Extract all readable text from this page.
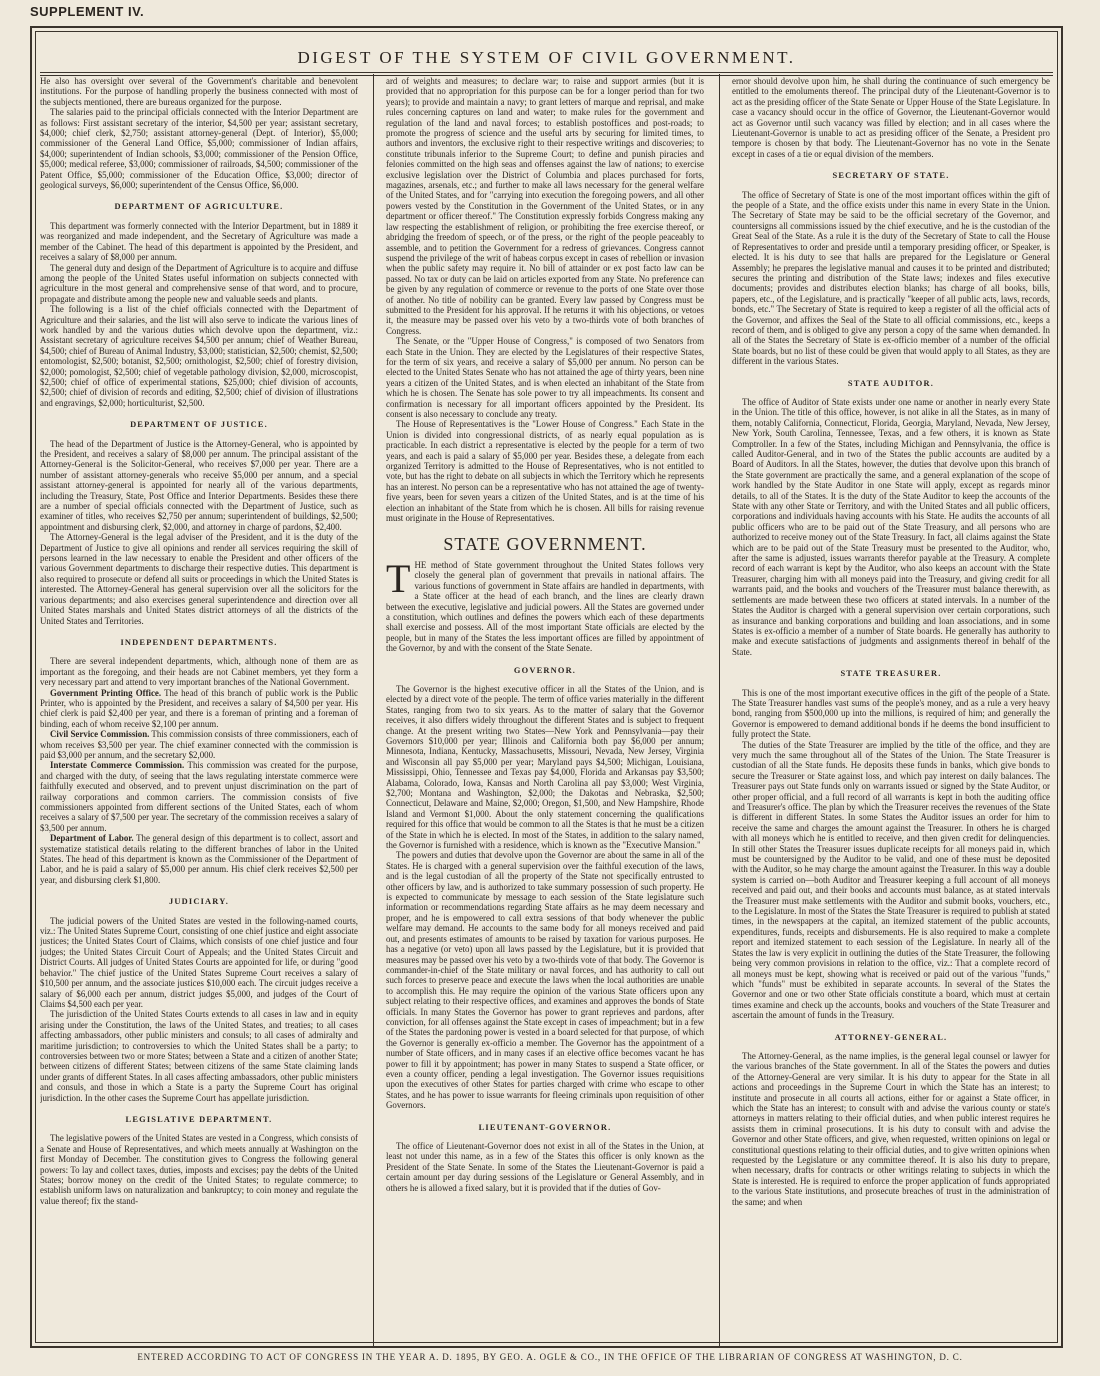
SUPPLEMENT IV.
DIGEST OF THE SYSTEM OF CIVIL GOVERNMENT.

He also has oversight over several of the Government's charitable and benevolent institutions. For the purpose of handling properly the business connected with most of the subjects mentioned, there are bureaus organized for the purpose.

The salaries paid to the principal officials connected with the Interior Department are as follows: First assistant secretary of the interior, $4,500 per year; assistant secretary, $4,000; chief clerk, $2,750; assistant attorney-general (Dept. of Interior), $5,000; commissioner of the General Land Office, $5,000; commissioner of Indian affairs, $4,000; superintendent of Indian schools, $3,000; commissioner of the Pension Office, $5,000; medical referee, $3,000; commissioner of railroads, $4,500; commissioner of the Patent Office, $5,000; commissioner of the Education Office, $3,000; director of geological surveys, $6,000; superintendent of the Census Office, $6,000.

DEPARTMENT OF AGRICULTURE.

This department was formerly connected with the Interior Department, but in 1889 it was reorganized and made independent, and the Secretary of Agriculture was made a member of the Cabinet. The head of this department is appointed by the President, and receives a salary of $8,000 per annum.

The general duty and design of the Department of Agriculture is to acquire and diffuse among the people of the United States useful information on subjects connected with agriculture in the most general and comprehensive sense of that word, and to procure, propagate and distribute among the people new and valuable seeds and plants.

The following is a list of the chief officials connected with the Department of Agriculture and their salaries, and the list will also serve to indicate the various lines of work handled by and the various duties which devolve upon the department, viz.: Assistant secretary of agriculture receives $4,500 per annum; chief of Weather Bureau, $4,500; chief of Bureau of Animal Industry, $3,000; statistician, $2,500; chemist, $2,500; entomologist, $2,500; botanist, $2,500; ornithologist, $2,500; chief of forestry division, $2,000; pomologist, $2,500; chief of vegetable pathology division, $2,000, microscopist, $2,500; chief of office of experimental stations, $25,000; chief division of accounts, $2,500; chief of division of records and editing, $2,500; chief of division of illustrations and engravings, $2,000; horticulturist, $2,500.

DEPARTMENT OF JUSTICE.

The head of the Department of Justice is the Attorney-General, who is appointed by the President, and receives a salary of $8,000 per annum. The principal assistant of the Attorney-General is the Solicitor-General, who receives $7,000 per year. There are a number of assistant attorney-generals who receive $5,000 per annum, and a special assistant attorney-general is appointed for nearly all of the various departments, including the Treasury, State, Post Office and Interior Departments. Besides these there are a number of special officials connected with the Department of Justice, such as examiner of titles, who receives $2,750 per annum; superintendent of buildings, $2,500; appointment and disbursing clerk, $2,000, and attorney in charge of pardons, $2,400.

The Attorney-General is the legal adviser of the President, and it is the duty of the Department of Justice to give all opinions and render all services requiring the skill of persons learned in the law necessary to enable the President and other officers of the various Government departments to discharge their respective duties. This department is also required to prosecute or defend all suits or proceedings in which the United States is interested. The Attorney-General has general supervision over all the solicitors for the various departments; and also exercises general superintendence and direction over all United States marshals and United States district attorneys of all the districts of the United States and Territories.

INDEPENDENT DEPARTMENTS.

There are several independent departments, which, although none of them are as important as the foregoing, and their heads are not Cabinet members, yet they form a very necessary part and attend to very important branches of the National Government.

Government Printing Office. The head of this branch of public work is the Public Printer, who is appointed by the President, and receives a salary of $4,500 per year. His chief clerk is paid $2,400 per year, and there is a foreman of printing and a foreman of binding, each of whom receive $2,100 per annum.

Civil Service Commission. This commission consists of three commissioners, each of whom receives $3,500 per year. The chief examiner connected with the commission is paid $3,000 per annum, and the secretary $2,000.

Interstate Commerce Commission. This commission was created for the purpose, and charged with the duty, of seeing that the laws regulating interstate commerce were faithfully executed and observed, and to prevent unjust discrimination on the part of railway corporations and common carriers. The commission consists of five commissioners appointed from different sections of the United States, each of whom receives a salary of $7,500 per year. The secretary of the commission receives a salary of $3,500 per annum.

Department of Labor. The general design of this department is to collect, assort and systematize statistical details relating to the different branches of labor in the United States. The head of this department is known as the Commissioner of the Department of Labor, and he is paid a salary of $5,000 per annum. His chief clerk receives $2,500 per year, and disbursing clerk $1,800.

JUDICIARY.

The judicial powers of the United States are vested in the following-named courts, viz.: The United States Supreme Court, consisting of one chief justice and eight associate justices; the United States Court of Claims, which consists of one chief justice and four judges; the United States Circuit Court of Appeals; and the United States Circuit and District Courts. All judges of United States Courts are appointed for life, or during "good behavior." The chief justice of the United States Supreme Court receives a salary of $10,500 per annum, and the associate justices $10,000 each. The circuit judges receive a salary of $6,000 each per annum, district judges $5,000, and judges of the Court of Claims $4,500 each per year.

The jurisdiction of the United States Courts extends to all cases in law and in equity arising under the Constitution, the laws of the United States, and treaties; to all cases affecting ambassadors, other public ministers and consuls; to all cases of admiralty and maritime jurisdiction; to controversies to which the United States shall be a party; to controversies between two or more States; between a State and a citizen of another State; between citizens of different States; between citizens of the same State claiming lands under grants of different States. In all cases affecting ambassadors, other public ministers and consuls, and those in which a State is a party the Supreme Court has original jurisdiction. In the other cases the Supreme Court has appellate jurisdiction.

LEGISLATIVE DEPARTMENT.

The legislative powers of the United States are vested in a Congress, which consists of a Senate and House of Representatives, and which meets annually at Washington on the first Monday of December. The constitution gives to Congress the following general powers: To lay and collect taxes, duties, imposts and excises; pay the debts of the United States; borrow money on the credit of the United States; to regulate commerce; to establish uniform laws on naturalization and bankruptcy; to coin money and regulate the value thereof; fix the stand-

ard of weights and measures; to declare war; to raise and support armies (but it is provided that no appropriation for this purpose can be for a longer period than for two years); to provide and maintain a navy; to grant letters of marque and reprisal, and make rules concerning captures on land and water; to make rules for the government and regulation of the land and naval forces; to establish postoffices and post-roads; to promote the progress of science and the useful arts by securing for limited times, to authors and inventors, the exclusive right to their respective writings and discoveries; to constitute tribunals inferior to the Supreme Court; to define and punish piracies and felonies committed on the high seas and offenses against the law of nations; to exercise exclusive legislation over the District of Columbia and places purchased for forts, magazines, arsenals, etc.; and further to make all laws necessary for the general welfare of the United States, and for "carrying into execution the foregoing powers, and all other powers vested by the Constitution in the Government of the United States, or in any department or officer thereof." The Constitution expressly forbids Congress making any law respecting the establishment of religion, or prohibiting the free exercise thereof, or abridging the freedom of speech, or of the press, or the right of the people peaceably to assemble, and to petition the Government for a redress of grievances. Congress cannot suspend the privilege of the writ of habeas corpus except in cases of rebellion or invasion when the public safety may require it. No bill of attainder or ex post facto law can be passed. No tax or duty can be laid on articles exported from any State. No preference can be given by any regulation of commerce or revenue to the ports of one State over those of another. No title of nobility can be granted. Every law passed by Congress must be submitted to the President for his approval. If he returns it with his objections, or vetoes it, the measure may be passed over his veto by a two-thirds vote of both branches of Congress.

The Senate, or the "Upper House of Congress," is composed of two Senators from each State in the Union. They are elected by the Legislatures of their respective States, for the term of six years, and receive a salary of $5,000 per annum. No person can be elected to the United States Senate who has not attained the age of thirty years, been nine years a citizen of the United States, and is when elected an inhabitant of the State from which he is chosen. The Senate has sole power to try all impeachments. Its consent and confirmation is necessary for all important officers appointed by the President. Its consent is also necessary to conclude any treaty.

The House of Representatives is the "Lower House of Congress." Each State in the Union is divided into congressional districts, of as nearly equal population as is practicable. In each district a representative is elected by the people for a term of two years, and each is paid a salary of $5,000 per year. Besides these, a delegate from each organized Territory is admitted to the House of Representatives, who is not entitled to vote, but has the right to debate on all subjects in which the Territory which he represents has an interest. No person can be a representative who has not attained the age of twenty-five years, been for seven years a citizen of the United States, and is at the time of his election an inhabitant of the State from which he is chosen. All bills for raising revenue must originate in the House of Representatives.

STATE GOVERNMENT.

THE method of State government throughout the United States follows very closely the general plan of government that prevails in national affairs. The various functions of government in State affairs are handled in departments, with a State officer at the head of each branch, and the lines are clearly drawn between the executive, legislative and judicial powers. All the States are governed under a constitution, which outlines and defines the powers which each of these departments shall exercise and possess. All of the most important State officials are elected by the people, but in many of the States the less important offices are filled by appointment of the Governor, by and with the consent of the State Senate.

GOVERNOR.

The Governor is the highest executive officer in all the States of the Union, and is elected by a direct vote of the people. The term of office varies materially in the different States, ranging from two to six years. As to the matter of salary that the Governor receives, it also differs widely throughout the different States and is subject to frequent change. At the present writing two States—New York and Pennsylvania—pay their Governors $10,000 per year; Illinois and California both pay $6,000 per annum; Minnesota, Indiana, Kentucky, Massachusetts, Missouri, Nevada, New Jersey, Virginia and Wisconsin all pay $5,000 per year; Maryland pays $4,500; Michigan, Louisiana, Mississippi, Ohio, Tennessee and Texas pay $4,000, Florida and Arkansas pay $3,500; Alabama, Colorado, Iowa, Kansas and North Carolina all pay $3,000; West Virginia, $2,700; Montana and Washington, $2,000; the Dakotas and Nebraska, $2,500; Connecticut, Delaware and Maine, $2,000; Oregon, $1,500, and New Hampshire, Rhode Island and Vermont $1,000. About the only statement concerning the qualifications required for this office that would be common to all the States is that he must be a citizen of the State in which he is elected. In most of the States, in addition to the salary named, the Governor is furnished with a residence, which is known as the "Executive Mansion."

The powers and duties that devolve upon the Governor are about the same in all of the States. He is charged with a general supervision over the faithful execution of the laws, and is the legal custodian of all the property of the State not specifically entrusted to other officers by law, and is authorized to take summary possession of such property. He is expected to communicate by message to each session of the State legislature such information or recommendations regarding State affairs as he may deem necessary and proper, and he is empowered to call extra sessions of that body whenever the public welfare may demand. He accounts to the same body for all moneys received and paid out, and presents estimates of amounts to be raised by taxation for various purposes. He has a negative (or veto) upon all laws passed by the Legislature, but it is provided that measures may be passed over his veto by a two-thirds vote of that body. The Governor is commander-in-chief of the State military or naval forces, and has authority to call out such forces to preserve peace and execute the laws when the local authorities are unable to accomplish this. He may require the opinion of the various State officers upon any subject relating to their respective offices, and examines and approves the bonds of State officials. In many States the Governor has power to grant reprieves and pardons, after conviction, for all offenses against the State except in cases of impeachment; but in a few of the States the pardoning power is vested in a board selected for that purpose, of which the Governor is generally ex-officio a member. The Governor has the appointment of a number of State officers, and in many cases if an elective office becomes vacant he has power to fill it by appointment; has power in many States to suspend a State officer, or even a county officer, pending a legal investigation. The Governor issues requisitions upon the executives of other States for parties charged with crime who escape to other States, and he has power to issue warrants for fleeing criminals upon requisition of other Governors.

LIEUTENANT-GOVERNOR.

The office of Lieutenant-Governor does not exist in all of the States in the Union, at least not under this name, as in a few of the States this officer is only known as the President of the State Senate. In some of the States the Lieutenant-Governor is paid a certain amount per day during sessions of the Legislature or General Assembly, and in others he is allowed a fixed salary, but it is provided that if the duties of Gov-

ernor should devolve upon him, he shall during the continuance of such emergency be entitled to the emoluments thereof. The principal duty of the Lieutenant-Governor is to act as the presiding officer of the State Senate or Upper House of the State Legislature. In case a vacancy should occur in the office of Governor, the Lieutenant-Governor would act as Governor until such vacancy was filled by election; and in all cases where the Lieutenant-Governor is unable to act as presiding officer of the Senate, a President pro tempore is chosen by that body. The Lieutenant-Governor has no vote in the Senate except in cases of a tie or equal division of the members.

SECRETARY OF STATE.

The office of Secretary of State is one of the most important offices within the gift of the people of a State, and the office exists under this name in every State in the Union. The Secretary of State may be said to be the official secretary of the Governor, and countersigns all commissions issued by the chief executive, and he is the custodian of the Great Seal of the State. As a rule it is the duty of the Secretary of State to call the House of Representatives to order and preside until a temporary presiding officer, or Speaker, is elected. It is his duty to see that halls are prepared for the Legislature or General Assembly; he prepares the legislative manual and causes it to be printed and distributed; secures the printing and distribution of the State laws; indexes and files executive documents; provides and distributes election blanks; has charge of all books, bills, papers, etc., of the Legislature, and is practically "keeper of all public acts, laws, records, bonds, etc." The Secretary of State is required to keep a register of all the official acts of the Governor, and affixes the Seal of the State to all official commissions, etc., keeps a record of them, and is obliged to give any person a copy of the same when demanded. In all of the States the Secretary of State is ex-officio member of a number of the official State boards, but no list of these could be given that would apply to all States, as they are different in the various States.

STATE AUDITOR.

The office of Auditor of State exists under one name or another in nearly every State in the Union. The title of this office, however, is not alike in all the States, as in many of them, notably California, Connecticut, Florida, Georgia, Maryland, Nevada, New Jersey, New York, South Carolina, Tennessee, Texas, and a few others, it is known as State Comptroller. In a few of the States, including Michigan and Pennsylvania, the office is called Auditor-General, and in two of the States the public accounts are audited by a Board of Auditors. In all the States, however, the duties that devolve upon this branch of the State government are practically the same, and a general explanation of the scope of work handled by the State Auditor in one State will apply, except as regards minor details, to all of the States. It is the duty of the State Auditor to keep the accounts of the State with any other State or Territory, and with the United States and all public officers, corporations and individuals having accounts with his State. He audits the accounts of all public officers who are to be paid out of the State Treasury, and all persons who are authorized to receive money out of the State Treasury. In fact, all claims against the State which are to be paid out of the State Treasury must be presented to the Auditor, who, after the same is adjusted, issues warrants therefor payable at the Treasury. A complete record of each warrant is kept by the Auditor, who also keeps an account with the State Treasurer, charging him with all moneys paid into the Treasury, and giving credit for all warrants paid, and the books and vouchers of the Treasurer must balance therewith, as settlements are made between these two officers at stated intervals. In a number of the States the Auditor is charged with a general supervision over certain corporations, such as insurance and banking corporations and building and loan associations, and in some States is ex-officio a member of a number of State boards. He generally has authority to make and execute satisfactions of judgments and assignments thereof in behalf of the State.

STATE TREASURER.

This is one of the most important executive offices in the gift of the people of a State. The State Treasurer handles vast sums of the people's money, and as a rule a very heavy bond, ranging from $500,000 up into the millions, is required of him; and generally the Governor is empowered to demand additional bonds if he deems the bond insufficient to fully protect the State.

The duties of the State Treasurer are implied by the title of the office, and they are very much the same throughout all of the States of the Union. The State Treasurer is custodian of all the State funds. He deposits these funds in banks, which give bonds to secure the Treasurer or State against loss, and which pay interest on daily balances. The Treasurer pays out State funds only on warrants issued or signed by the State Auditor, or other proper official, and a full record of all warrants is kept in both the auditing office and Treasurer's office. The plan by which the Treasurer receives the revenues of the State is different in different States. In some States the Auditor issues an order for him to receive the same and charges the amount against the Treasurer. In others he is charged with all moneys which he is entitled to receive, and then given credit for delinquencies. In still other States the Treasurer issues duplicate receipts for all moneys paid in, which must be countersigned by the Auditor to be valid, and one of these must be deposited with the Auditor, so he may charge the amount against the Treasurer. In this way a double system is carried on—both Auditor and Treasurer keeping a full account of all moneys received and paid out, and their books and accounts must balance, as at stated intervals the Treasurer must make settlements with the Auditor and submit books, vouchers, etc., to the Legislature. In most of the States the State Treasurer is required to publish at stated times, in the newspapers at the capital, an itemized statement of the public accounts, expenditures, funds, receipts and disbursements. He is also required to make a complete report and itemized statement to each session of the Legislature. In nearly all of the States the law is very explicit in outlining the duties of the State Treasurer, the following being very common provisions in relation to the office, viz.: That a complete record of all moneys must be kept, showing what is received or paid out of the various "funds," which "funds" must be exhibited in separate accounts. In several of the States the Governor and one or two other State officials constitute a board, which must at certain times examine and check up the accounts, books and vouchers of the State Treasurer and ascertain the amount of funds in the Treasury.

ATTORNEY-GENERAL.

The Attorney-General, as the name implies, is the general legal counsel or lawyer for the various branches of the State government. In all of the States the powers and duties of the Attorney-General are very similar. It is his duty to appear for the State in all actions and proceedings in the Supreme Court in which the State has an interest; to institute and prosecute in all courts all actions, either for or against a State officer, in which the State has an interest; to consult with and advise the various county or state's attorneys in matters relating to their official duties, and when public interest requires he assists them in criminal prosecutions. It is his duty to consult with and advise the Governor and other State officers, and give, when requested, written opinions on legal or constitutional questions relating to their official duties, and to give written opinions when requested by the Legislature or any committee thereof. It is also his duty to prepare, when necessary, drafts for contracts or other writings relating to subjects in which the State is interested. He is required to enforce the proper application of funds appropriated to the various State institutions, and prosecute breaches of trust in the administration of the same; and when

ENTERED ACCORDING TO ACT OF CONGRESS IN THE YEAR A. D. 1895, BY GEO. A. OGLE & CO., IN THE OFFICE OF THE LIBRARIAN OF CONGRESS AT WASHINGTON, D. C.
